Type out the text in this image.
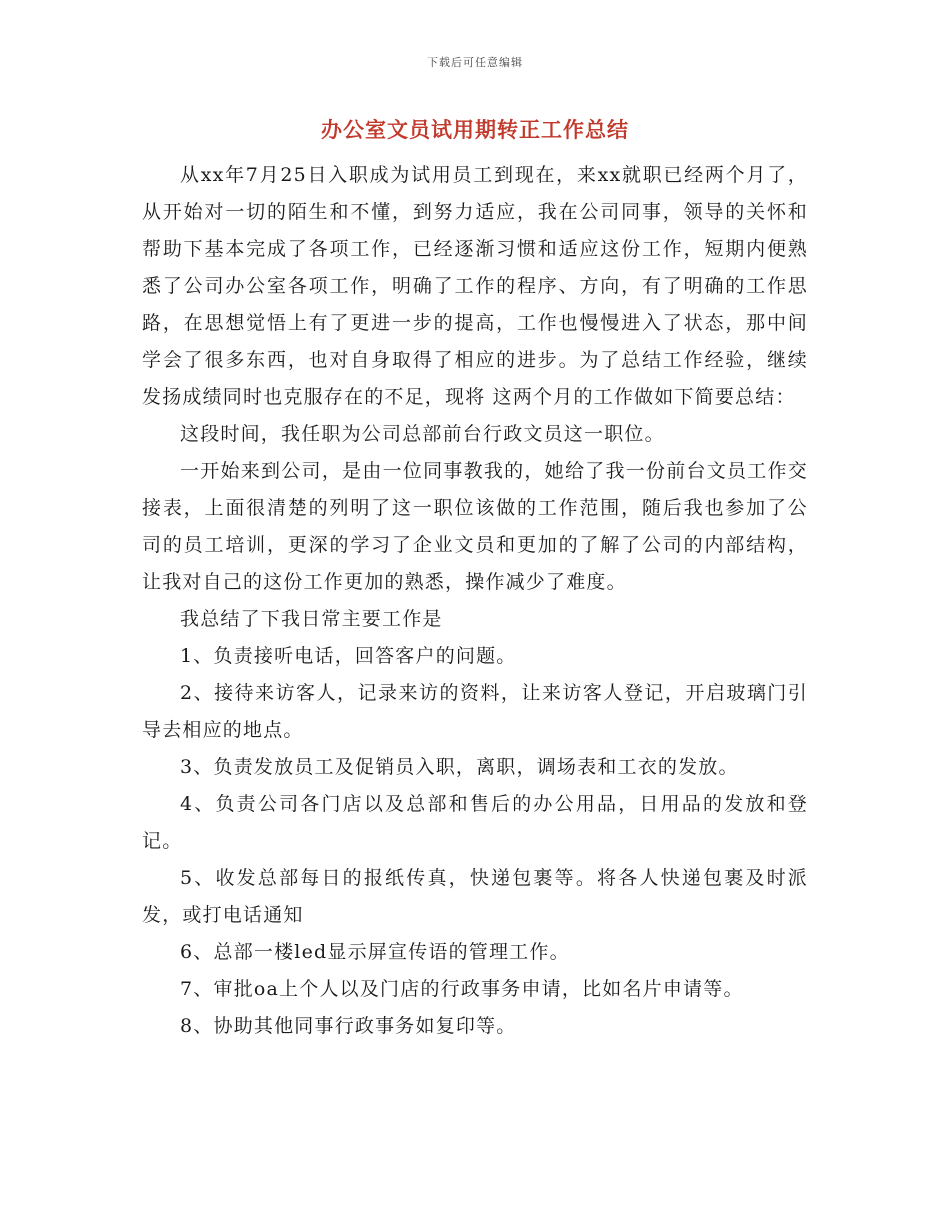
下载后可任意编辑
办公室文员试用期转正工作总结

从xx年7月25日入职成为试用员工到现在，来xx就职已经两个月了，从开始对一切的陌生和不懂，到努力适应，我在公司同事，领导的关怀和帮助下基本完成了各项工作，已经逐渐习惯和适应这份工作，短期内便熟悉了公司办公室各项工作，明确了工作的程序、方向，有了明确的工作思路，在思想觉悟上有了更进一步的提高，工作也慢慢进入了状态，那中间学会了很多东西，也对自身取得了相应的进步。为了总结工作经验，继续发扬成绩同时也克服存在的不足，现将 这两个月的工作做如下简要总结：

这段时间，我任职为公司总部前台行政文员这一职位。

一开始来到公司，是由一位同事教我的，她给了我一份前台文员工作交接表，上面很清楚的列明了这一职位该做的工作范围，随后我也参加了公司的员工培训，更深的学习了企业文员和更加的了解了公司的内部结构，让我对自己的这份工作更加的熟悉，操作减少了难度。

我总结了下我日常主要工作是

1、负责接听电话，回答客户的问题。

2、接待来访客人，记录来访的资料，让来访客人登记，开启玻璃门引导去相应的地点。

3、负责发放员工及促销员入职，离职，调场表和工衣的发放。

4、负责公司各门店以及总部和售后的办公用品，日用品的发放和登记。

5、收发总部每日的报纸传真，快递包裹等。将各人快递包裹及时派发，或打电话通知

6、总部一楼led显示屏宣传语的管理工作。

7、审批oa上个人以及门店的行政事务申请，比如名片申请等。

8、协助其他同事行政事务如复印等。
